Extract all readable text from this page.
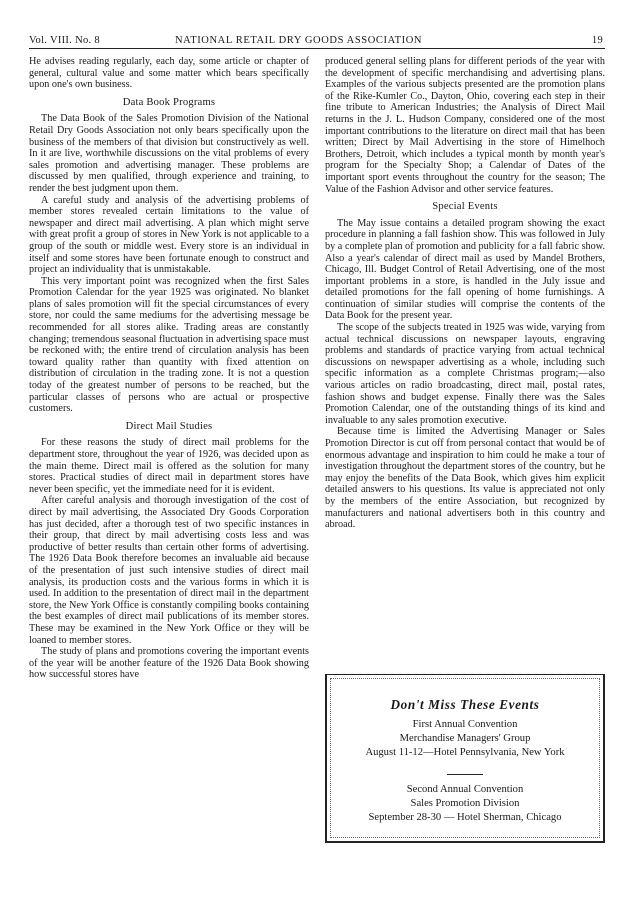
Vol. VIII. No. 8	NATIONAL RETAIL DRY GOODS ASSOCIATION	19

He advises reading regularly, each day, some article or chapter of general, cultural value and some matter which bears specifically upon one's own business.

Data Book Programs

The Data Book of the Sales Promotion Division of the National Retail Dry Goods Association not only bears specifically upon the business of the members of that division but constructively as well. In it are live, worthwhile discussions on the vital problems of every sales promotion and advertising manager. These problems are discussed by men qualified, through experience and training, to render the best judgment upon them.

A careful study and analysis of the advertising problems of member stores revealed certain limitations to the value of newspaper and direct mail advertising. A plan which might serve with great profit a group of stores in New York is not applicable to a group of the south or middle west. Every store is an individual in itself and some stores have been fortunate enough to construct and project an individuality that is unmistakable.

This very important point was recognized when the first Sales Promotion Calendar for the year 1925 was originated. No blanket plans of sales promotion will fit the special circumstances of every store, nor could the same mediums for the advertising message be recommended for all stores alike. Trading areas are constantly changing; tremendous seasonal fluctuation in advertising space must be reckoned with; the entire trend of circulation analysis has been toward quality rather than quantity with fixed attention on distribution of circulation in the trading zone. It is not a question today of the greatest number of persons to be reached, but the particular classes of persons who are actual or prospective customers.

Direct Mail Studies

For these reasons the study of direct mail problems for the department store, throughout the year of 1926, was decided upon as the main theme. Direct mail is offered as the solution for many stores. Practical studies of direct mail in department stores have never been specific, yet the immediate need for it is evident.

After careful analysis and thorough investigation of the cost of direct by mail advertising, the Associated Dry Goods Corporation has just decided, after a thorough test of two specific instances in their group, that direct by mail advertising costs less and was productive of better results than certain other forms of advertising. The 1926 Data Book therefore becomes an invaluable aid because of the presentation of just such intensive studies of direct mail analysis, its production costs and the various forms in which it is used. In addition to the presentation of direct mail in the department store, the New York Office is constantly compiling books containing the best examples of direct mail publications of its member stores. These may be examined in the New York Office or they will be loaned to member stores.

The study of plans and promotions covering the important events of the year will be another feature of the 1926 Data Book showing how successful stores have

produced general selling plans for different periods of the year with the development of specific merchandising and advertising plans. Examples of the various subjects presented are the promotion plans of the Rike-Kumler Co., Dayton, Ohio, covering each step in their fine tribute to American Industries; the Analysis of Direct Mail returns in the J. L. Hudson Company, considered one of the most important contributions to the literature on direct mail that has been written; Direct by Mail Advertising in the store of Himelhoch Brothers, Detroit, which includes a typical month by month year's program for the Specialty Shop; a Calendar of Dates of the important sport events throughout the country for the season; The Value of the Fashion Advisor and other service features.

Special Events

The May issue contains a detailed program showing the exact procedure in planning a fall fashion show. This was followed in July by a complete plan of promotion and publicity for a fall fabric show. Also a year's calendar of direct mail as used by Mandel Brothers, Chicago, Ill. Budget Control of Retail Advertising, one of the most important problems in a store, is handled in the July issue and detailed promotions for the fall opening of home furnishings. A continuation of similar studies will comprise the contents of the Data Book for the present year.

The scope of the subjects treated in 1925 was wide, varying from actual technical discussions on newspaper layouts, engraving problems and standards of practice varying from actual technical discussions on newspaper advertising as a whole, including such specific information as a complete Christmas program;—also various articles on radio broadcasting, direct mail, postal rates, fashion shows and budget expense. Finally there was the Sales Promotion Calendar, one of the outstanding things of its kind and invaluable to any sales promotion executive.

Because time is limited the Advertising Manager or Sales Promotion Director is cut off from personal contact that would be of enormous advantage and inspiration to him could he make a tour of investigation throughout the department stores of the country, but he may enjoy the benefits of the Data Book, which gives him explicit detailed answers to his questions. Its value is appreciated not only by the members of the entire Association, but recognized by manufacturers and national advertisers both in this country and abroad.

Don't Miss These Events
First Annual Convention
Merchandise Managers' Group
August 11-12—Hotel Pennsylvania, New York
Second Annual Convention
Sales Promotion Division
September 28-30 — Hotel Sherman, Chicago
